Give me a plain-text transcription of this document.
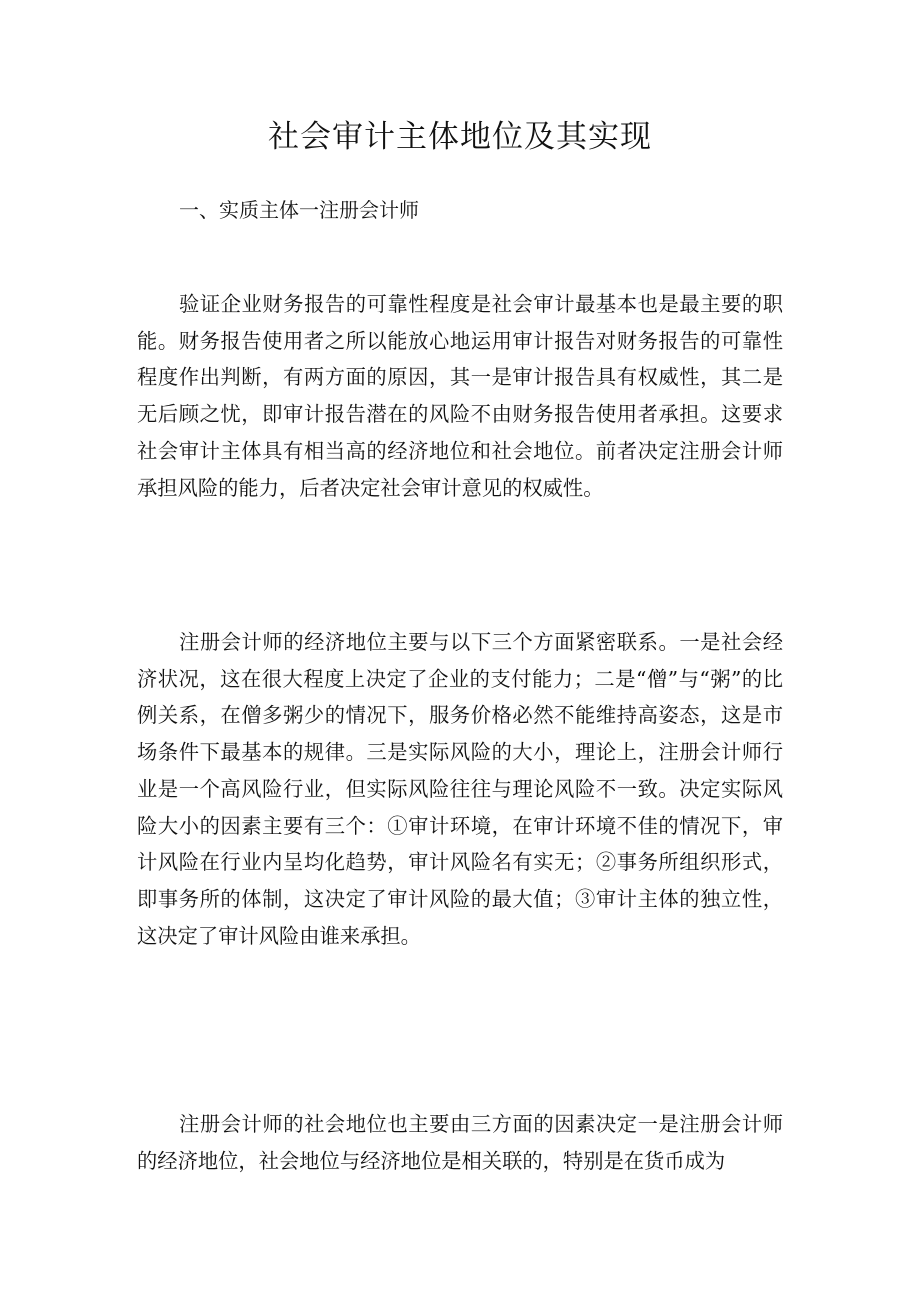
社会审计主体地位及其实现

一、实质主体一注册会计师

验证企业财务报告的可靠性程度是社会审计最基本也是最主要的职能。财务报告使用者之所以能放心地运用审计报告对财务报告的可靠性程度作出判断，有两方面的原因，其一是审计报告具有权威性，其二是无后顾之忧，即审计报告潜在的风险不由财务报告使用者承担。这要求社会审计主体具有相当高的经济地位和社会地位。前者决定注册会计师承担风险的能力，后者决定社会审计意见的权威性。

注册会计师的经济地位主要与以下三个方面紧密联系。一是社会经济状况，这在很大程度上决定了企业的支付能力；二是“僧”与“粥”的比例关系，在僧多粥少的情况下，服务价格必然不能维持高姿态，这是市场条件下最基本的规律。三是实际风险的大小，理论上，注册会计师行业是一个高风险行业，但实际风险往往与理论风险不一致。决定实际风险大小的因素主要有三个：①审计环境，在审计环境不佳的情况下，审计风险在行业内呈均化趋势，审计风险名有实无；②事务所组织形式，即事务所的体制，这决定了审计风险的最大值；③审计主体的独立性，这决定了审计风险由谁来承担。

注册会计师的社会地位也主要由三方面的因素决定一是注册会计师的经济地位，社会地位与经济地位是相关联的，特别是在货币成为
